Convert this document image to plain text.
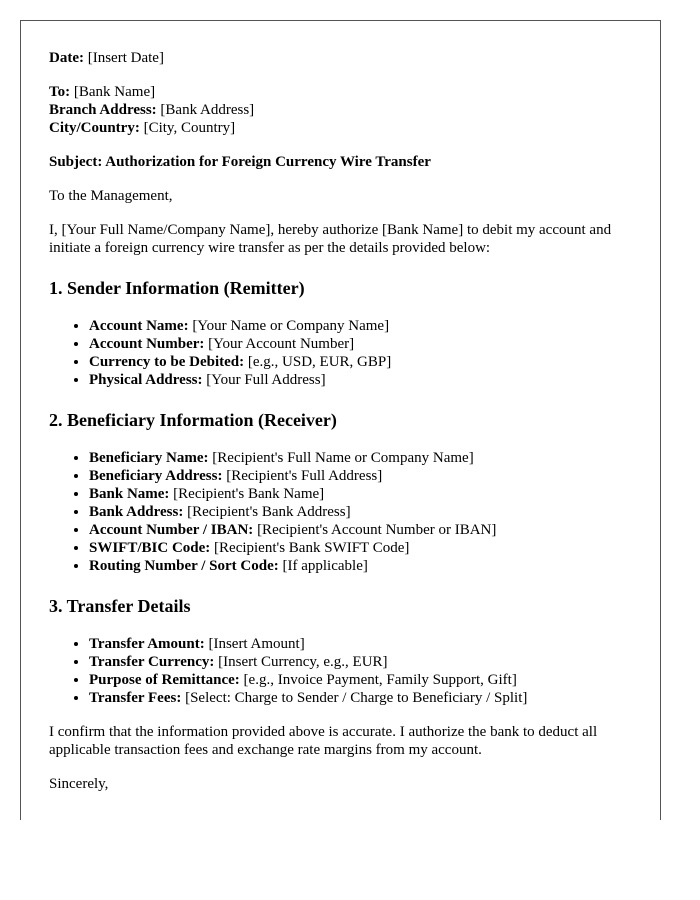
Date: [Insert Date]

To: [Bank Name]
Branch Address: [Bank Address]
City/Country: [City, Country]

Subject: Authorization for Foreign Currency Wire Transfer

To the Management,

I, [Your Full Name/Company Name], hereby authorize [Bank Name] to debit my account and initiate a foreign currency wire transfer as per the details provided below:

1. Sender Information (Remitter)
• Account Name: [Your Name or Company Name]
• Account Number: [Your Account Number]
• Currency to be Debited: [e.g., USD, EUR, GBP]
• Physical Address: [Your Full Address]
2. Beneficiary Information (Receiver)
• Beneficiary Name: [Recipient's Full Name or Company Name]
• Beneficiary Address: [Recipient's Full Address]
• Bank Name: [Recipient's Bank Name]
• Bank Address: [Recipient's Bank Address]
• Account Number / IBAN: [Recipient's Account Number or IBAN]
• SWIFT/BIC Code: [Recipient's Bank SWIFT Code]
• Routing Number / Sort Code: [If applicable]
3. Transfer Details
• Transfer Amount: [Insert Amount]
• Transfer Currency: [Insert Currency, e.g., EUR]
• Purpose of Remittance: [e.g., Invoice Payment, Family Support, Gift]
• Transfer Fees: [Select: Charge to Sender / Charge to Beneficiary / Split]

I confirm that the information provided above is accurate. I authorize the bank to deduct all applicable transaction fees and exchange rate margins from my account.

Sincerely,
